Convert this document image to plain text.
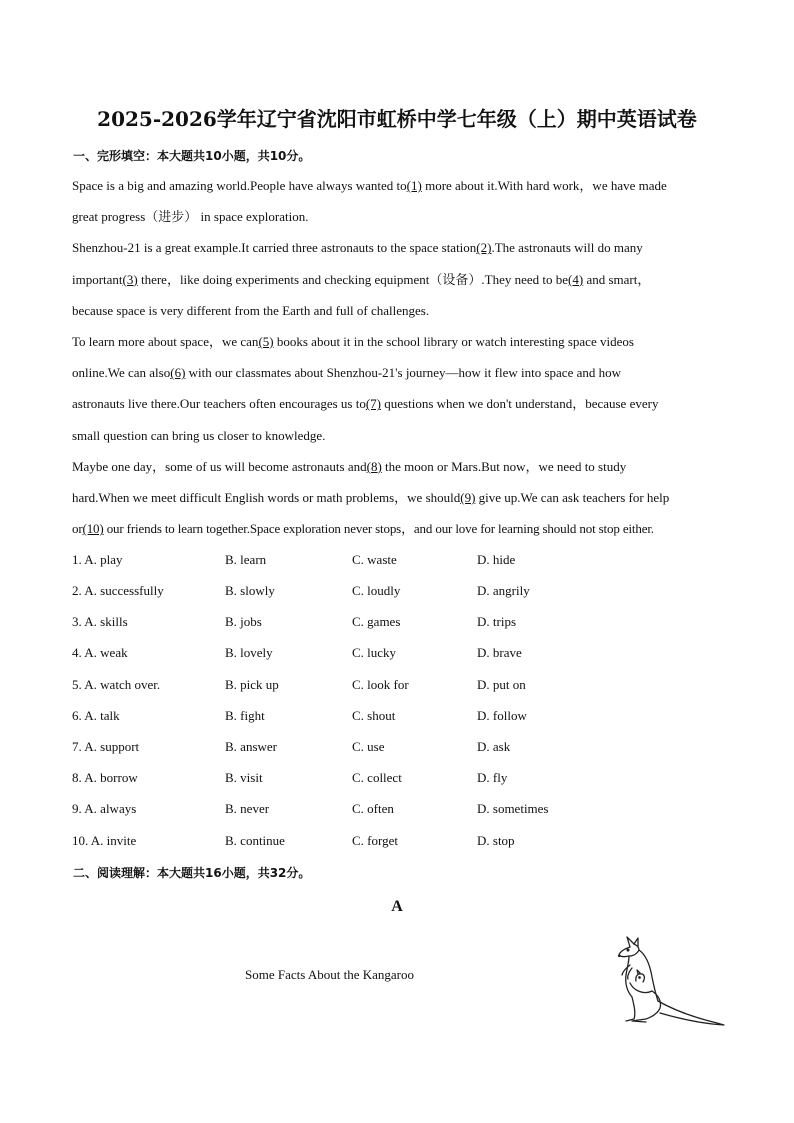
2025-2026学年辽宁省沈阳市虹桥中学七年级（上）期中英语试卷
一、完形填空：本大题共10小题，共10分。

Space is a big and amazing world.People have always wanted to(1) more about it.With hard work，we have made
great progress（进步） in space exploration.

Shenzhou-21 is a great example.It carried three astronauts to the space station(2).The astronauts will do many
important(3) there，like doing experiments and checking equipment（设备）.They need to be(4) and smart，
because space is very different from the Earth and full of challenges.

To learn more about space，we can(5) books about it in the school library or watch interesting space videos
online.We can also(6) with our classmates about Shenzhou-21's journey—how it flew into space and how
astronauts live there.Our teachers often encourages us to(7) questions when we don't understand，because every
small question can bring us closer to knowledge.

Maybe one day，some of us will become astronauts and(8) the moon or Mars.But now，we need to study
hard.When we meet difficult English words or math problems，we should(9) give up.We can ask teachers for help
or(10) our friends to learn together.Space exploration never stops，and our love for learning should not stop either.

1. A. play	B. learn	C. waste	D. hide
2. A. successfully	B. slowly	C. loudly	D. angrily
3. A. skills	B. jobs	C. games	D. trips
4. A. weak	B. lovely	C. lucky	D. brave
5. A. watch over.	B. pick up	C. look for	D. put on
6. A. talk	B. fight	C. shout	D. follow
7. A. support	B. answer	C. use	D. ask
8. A. borrow	B. visit	C. collect	D. fly
9. A. always	B. never	C. often	D. sometimes
10. A. invite	B. continue	C. forget	D. stop
二、阅读理解：本大题共16小题，共32分。
A
Some Facts About the Kangaroo
